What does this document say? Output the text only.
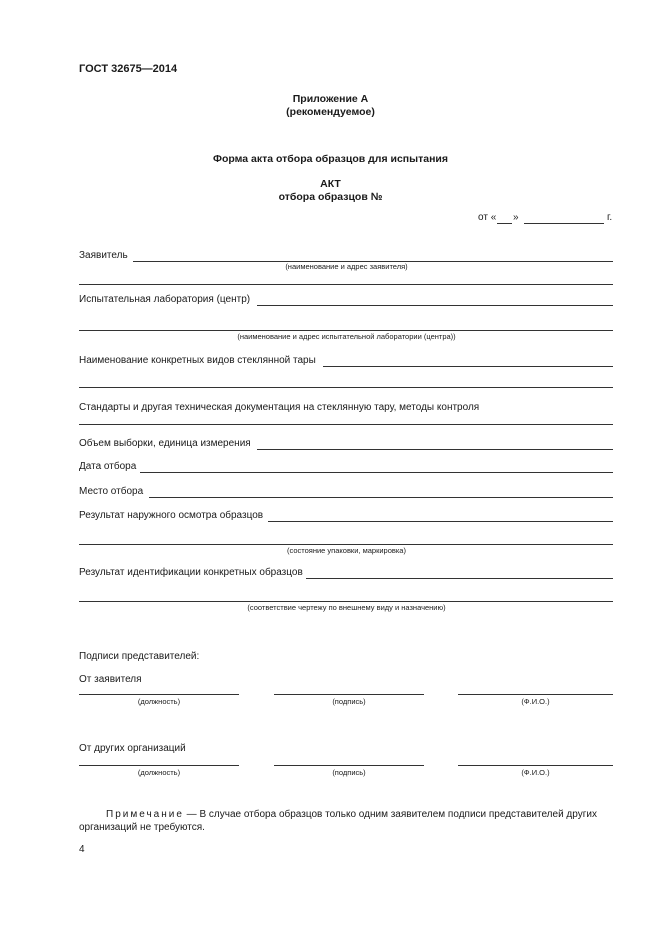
ГОСТ 32675—2014
Приложение А
(рекомендуемое)
Форма акта отбора образцов для испытания
АКТ
отбора образцов №
от « »	г.
Заявитель
(наименование и адрес заявителя)
Испытательная лаборатория (центр)
(наименование и адрес испытательной лаборатории (центра))
Наименование конкретных видов стеклянной тары
Стандарты и другая техническая документация на стеклянную тару, методы контроля
Объем выборки, единица измерения
Дата отбора
Место отбора
Результат наружного осмотра образцов
(состояние упаковки, маркировка)
Результат идентификации конкретных образцов
(соответствие чертежу по внешнему виду и назначению)
Подписи представителей:
От заявителя
(должность)	(подпись)	(Ф.И.О.)
От других организаций
(должность)	(подпись)	(Ф.И.О.)
Примечание — В случае отбора образцов только одним заявителем подписи представителей других организаций не требуются.
4
